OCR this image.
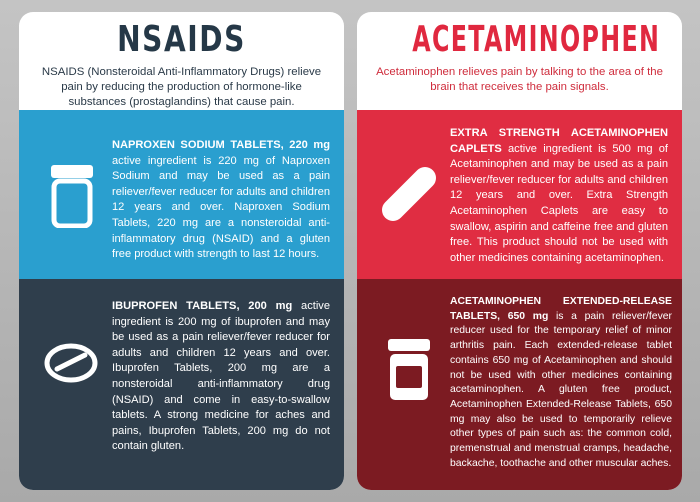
NSAIDS
NSAIDS (Nonsteroidal Anti-Inflammatory Drugs) relieve pain by reducing the production of hormone-like substances (prostaglandins) that cause pain.
NAPROXEN SODIUM TABLETS, 220 mg active ingredient is 220 mg of Naproxen Sodium and may be used as a pain reliever/fever reducer for adults and children 12 years and over. Naproxen Sodium Tablets, 220 mg are a nonsteroidal anti-inflammatory drug (NSAID) and a gluten free product with strength to last 12 hours.
IBUPROFEN TABLETS, 200 mg active ingredient is 200 mg of ibuprofen and may be used as a pain reliever/fever reducer for adults and children 12 years and over. Ibuprofen Tablets, 200 mg are a nonsteroidal anti-inflammatory drug (NSAID) and come in easy-to-swallow tablets. A strong medicine for aches and pains, Ibuprofen Tablets, 200 mg do not contain gluten.
ACETAMINOPHEN
Acetaminophen relieves pain by talking to the area of the brain that receives the pain signals.
EXTRA STRENGTH ACETAMINOPHEN CAPLETS active ingredient is 500 mg of Acetaminophen and may be used as a pain reliever/fever reducer for adults and children 12 years and over. Extra Strength Acetaminophen Caplets are easy to swallow, aspirin and caffeine free and gluten free. This product should not be used with other medicines containing acetaminophen.
ACETAMINOPHEN EXTENDED-RELEASE TABLETS, 650 mg is a pain reliever/fever reducer used for the temporary relief of minor arthritis pain. Each extended-release tablet contains 650 mg of Acetaminophen and should not be used with other medicines containing acetaminophen. A gluten free product, Acetaminophen Extended-Release Tablets, 650 mg may also be used to temporarily relieve other types of pain such as: the common cold, premenstrual and menstrual cramps, headache, backache, toothache and other muscular aches.
